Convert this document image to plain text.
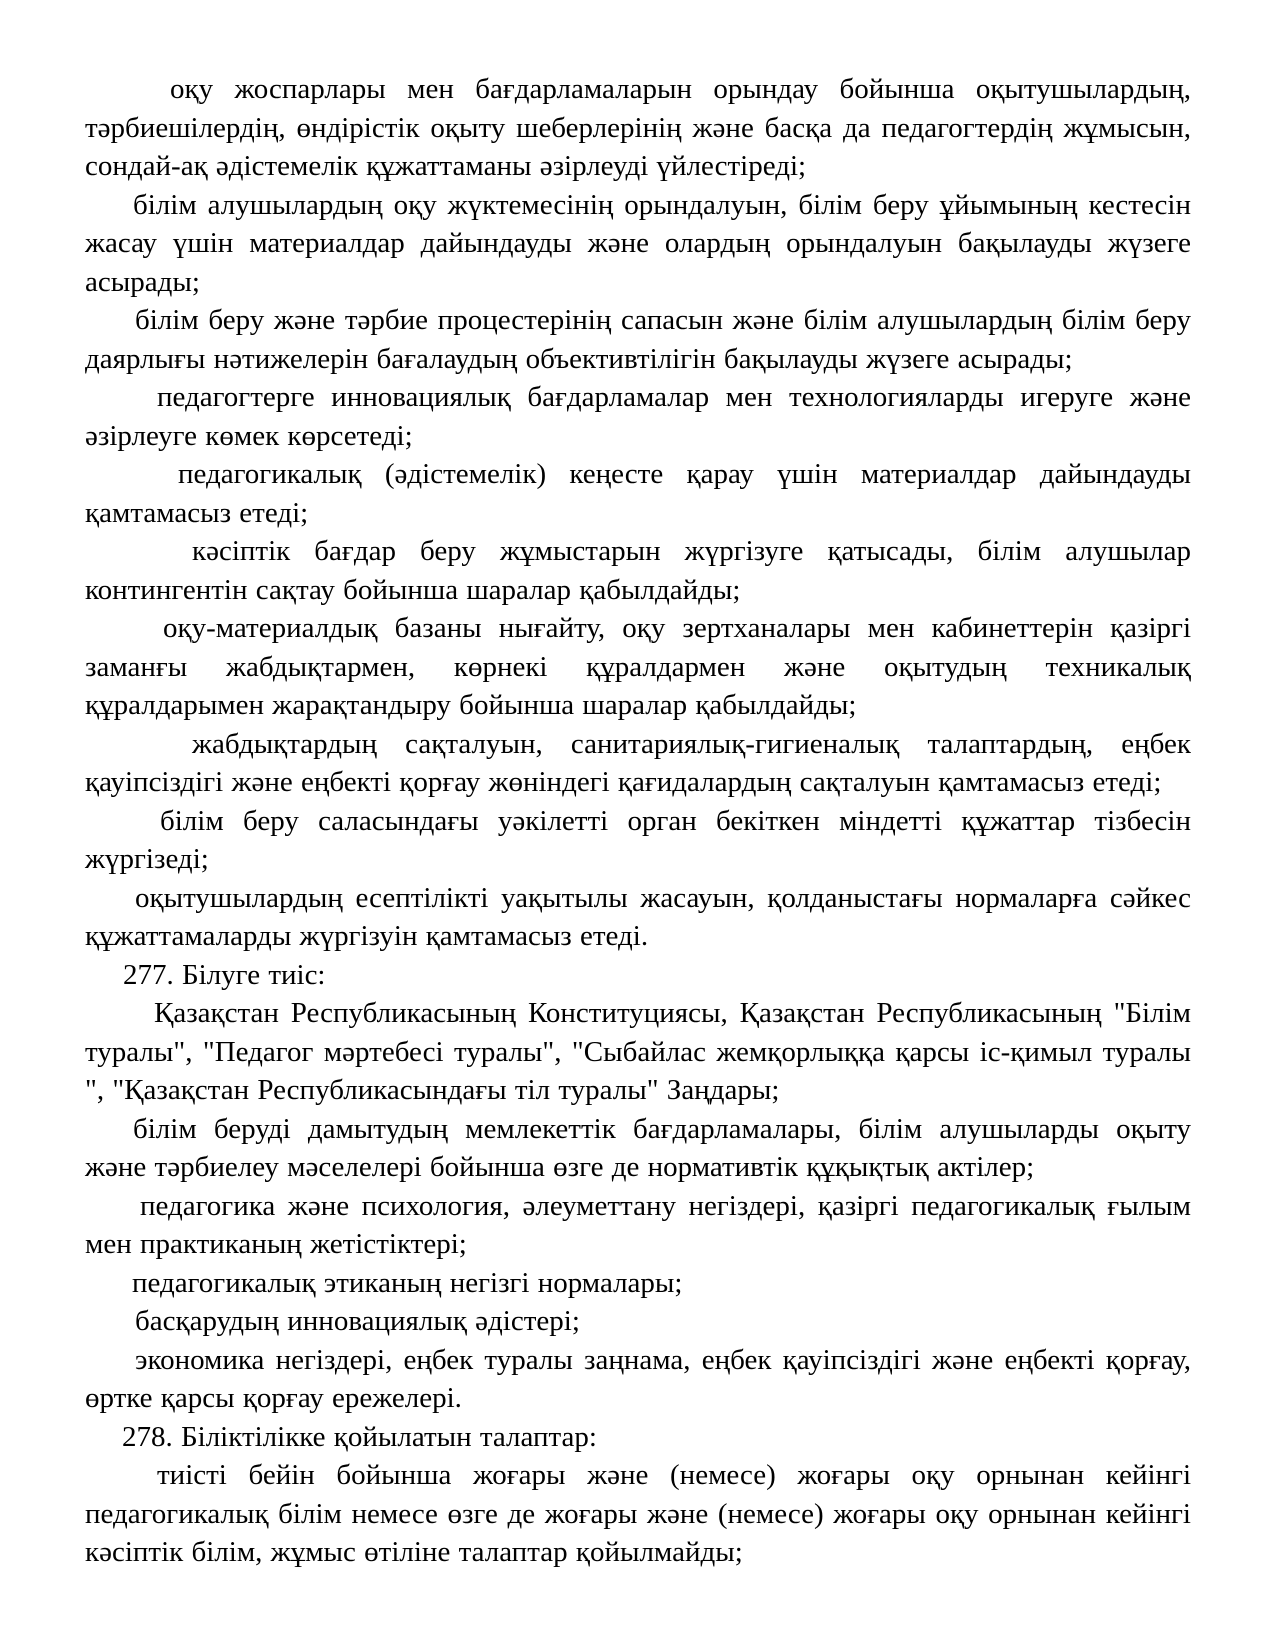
оқу жоспарлары мен бағдарламаларын орындау бойынша оқытушылардың, тәрбиешілердің, өндірістік оқыту шеберлерінің және басқа да педагогтердің жұмысын, сондай-ақ әдістемелік құжаттаманы әзірлеуді үйлестіреді;

білім алушылардың оқу жүктемесінің орындалуын, білім беру ұйымының кестесін жасау үшін материалдар дайындауды және олардың орындалуын бақылауды жүзеге асырады;

білім беру және тәрбие процестерінің сапасын және білім алушылардың білім беру даярлығы нәтижелерін бағалаудың объективтілігін бақылауды жүзеге асырады;

педагогтерге инновациялық бағдарламалар мен технологияларды игеруге және әзірлеуге көмек көрсетеді;

педагогикалық (әдістемелік) кеңесте қарау үшін материалдар дайындауды қамтамасыз етеді;

кәсіптік бағдар беру жұмыстарын жүргізуге қатысады, білім алушылар контингентін сақтау бойынша шаралар қабылдайды;

оқу-материалдық базаны нығайту, оқу зертханалары мен кабинеттерін қазіргі заманғы жабдықтармен, көрнекі құралдармен және оқытудың техникалық құралдарымен жарақтандыру бойынша шаралар қабылдайды;

жабдықтардың сақталуын, санитариялық-гигиеналық талаптардың, еңбек қауіпсіздігі және еңбекті қорғау жөніндегі қағидалардың сақталуын қамтамасыз етеді;

білім беру саласындағы уәкілетті орган бекіткен міндетті құжаттар тізбесін жүргізеді;

оқытушылардың есептілікті уақытылы жасауын, қолданыстағы нормаларға сәйкес құжаттамаларды жүргізуін қамтамасыз етеді.

277. Білуге тиіс:

Қазақстан Республикасының Конституциясы, Қазақстан Республикасының "Білім туралы", "Педагог мәртебесі туралы", "Сыбайлас жемқорлыққа қарсы іс-қимыл туралы ", "Қазақстан Республикасындағы тіл туралы" Заңдары;

білім беруді дамытудың мемлекеттік бағдарламалары, білім алушыларды оқыту және тәрбиелеу мәселелері бойынша өзге де нормативтік құқықтық актілер;

педагогика және психология, әлеуметтану негіздері, қазіргі педагогикалық ғылым мен практиканың жетістіктері;

педагогикалық этиканың негізгі нормалары;

басқарудың инновациялық әдістері;

экономика негіздері, еңбек туралы заңнама, еңбек қауіпсіздігі және еңбекті қорғау, өртке қарсы қорғау ережелері.

278. Біліктілікке қойылатын талаптар:

тиісті бейін бойынша жоғары және (немесе) жоғары оқу орнынан кейінгі педагогикалық білім немесе өзге де жоғары және (немесе) жоғары оқу орнынан кейінгі кәсіптік білім, жұмыс өтіліне талаптар қойылмайды;
